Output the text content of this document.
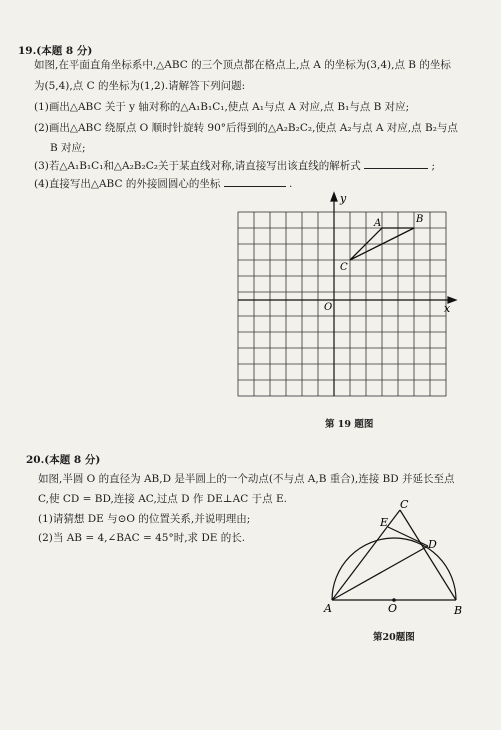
19.(本题 8 分)
如图,在平面直角坐标系中,△ABC 的三个顶点都在格点上,点 A 的坐标为(3,4),点 B 的坐标
为(5,4),点 C 的坐标为(1,2).请解答下列问题:
(1)画出△ABC 关于 y 轴对称的△A₁B₁C₁,使点 A₁与点 A 对应,点 B₁与点 B 对应;
(2)画出△ABC 绕原点 O 顺时针旋转 90°后得到的△A₂B₂C₂,使点 A₂与点 A 对应,点 B₂与点
B 对应;
(3)若△A₁B₁C₁和△A₂B₂C₂关于某直线对称,请直接写出该直线的解析式	;
(4)直接写出△ABC 的外接圆圆心的坐标	.
y
x
O
A	B
C
第 19 题图
20.(本题 8 分)
如图,半圆 O 的直径为 AB,D 是半圆上的一个动点(不与点 A,B 重合),连接 BD 并延长至点
C,使 CD = BD,连接 AC,过点 D 作 DE⊥AC 于点 E.
(1)请猜想 DE 与⊙O 的位置关系,并说明理由;
(2)当 AB = 4,∠BAC = 45°时,求 DE 的长.
A	O	B
C
D
E
第20题图
